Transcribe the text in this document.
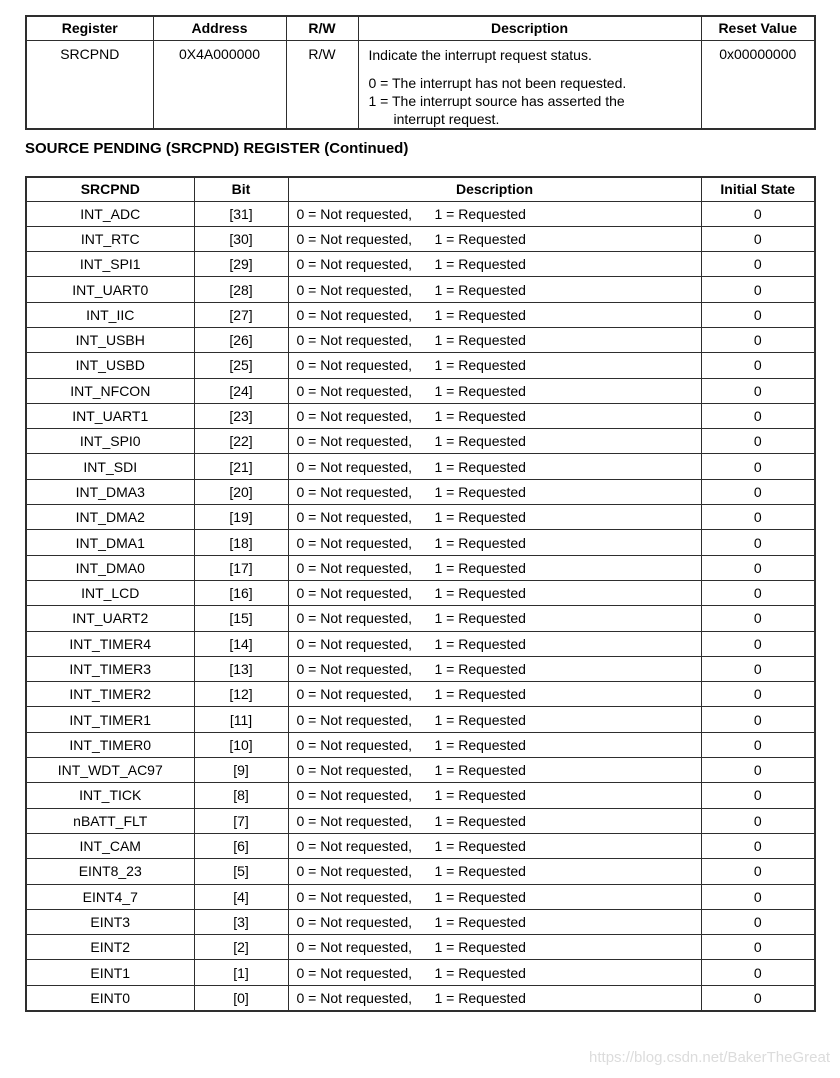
Register	Address	R/W	Description	Reset Value
SRCPND	0X4A000000	R/W	Indicate the interrupt request status.
0 = The interrupt has not been requested.
1 = The interrupt source has asserted the
interrupt request.	0x00000000
SOURCE PENDING (SRCPND) REGISTER (Continued)
SRCPND	Bit	Description	Initial State
INT_ADC	[31]	0 = Not requested, 1 = Requested	0
INT_RTC	[30]	0 = Not requested, 1 = Requested	0
INT_SPI1	[29]	0 = Not requested, 1 = Requested	0
INT_UART0	[28]	0 = Not requested, 1 = Requested	0
INT_IIC	[27]	0 = Not requested, 1 = Requested	0
INT_USBH	[26]	0 = Not requested, 1 = Requested	0
INT_USBD	[25]	0 = Not requested, 1 = Requested	0
INT_NFCON	[24]	0 = Not requested, 1 = Requested	0
INT_UART1	[23]	0 = Not requested, 1 = Requested	0
INT_SPI0	[22]	0 = Not requested, 1 = Requested	0
INT_SDI	[21]	0 = Not requested, 1 = Requested	0
INT_DMA3	[20]	0 = Not requested, 1 = Requested	0
INT_DMA2	[19]	0 = Not requested, 1 = Requested	0
INT_DMA1	[18]	0 = Not requested, 1 = Requested	0
INT_DMA0	[17]	0 = Not requested, 1 = Requested	0
INT_LCD	[16]	0 = Not requested, 1 = Requested	0
INT_UART2	[15]	0 = Not requested, 1 = Requested	0
INT_TIMER4	[14]	0 = Not requested, 1 = Requested	0
INT_TIMER3	[13]	0 = Not requested, 1 = Requested	0
INT_TIMER2	[12]	0 = Not requested, 1 = Requested	0
INT_TIMER1	[11]	0 = Not requested, 1 = Requested	0
INT_TIMER0	[10]	0 = Not requested, 1 = Requested	0
INT_WDT_AC97	[9]	0 = Not requested, 1 = Requested	0
INT_TICK	[8]	0 = Not requested, 1 = Requested	0
nBATT_FLT	[7]	0 = Not requested, 1 = Requested	0
INT_CAM	[6]	0 = Not requested, 1 = Requested	0
EINT8_23	[5]	0 = Not requested, 1 = Requested	0
EINT4_7	[4]	0 = Not requested, 1 = Requested	0
EINT3	[3]	0 = Not requested, 1 = Requested	0
EINT2	[2]	0 = Not requested, 1 = Requested	0
EINT1	[1]	0 = Not requested, 1 = Requested	0
EINT0	[0]	0 = Not requested, 1 = Requested	0
https://blog.csdn.net/BakerTheGreat
